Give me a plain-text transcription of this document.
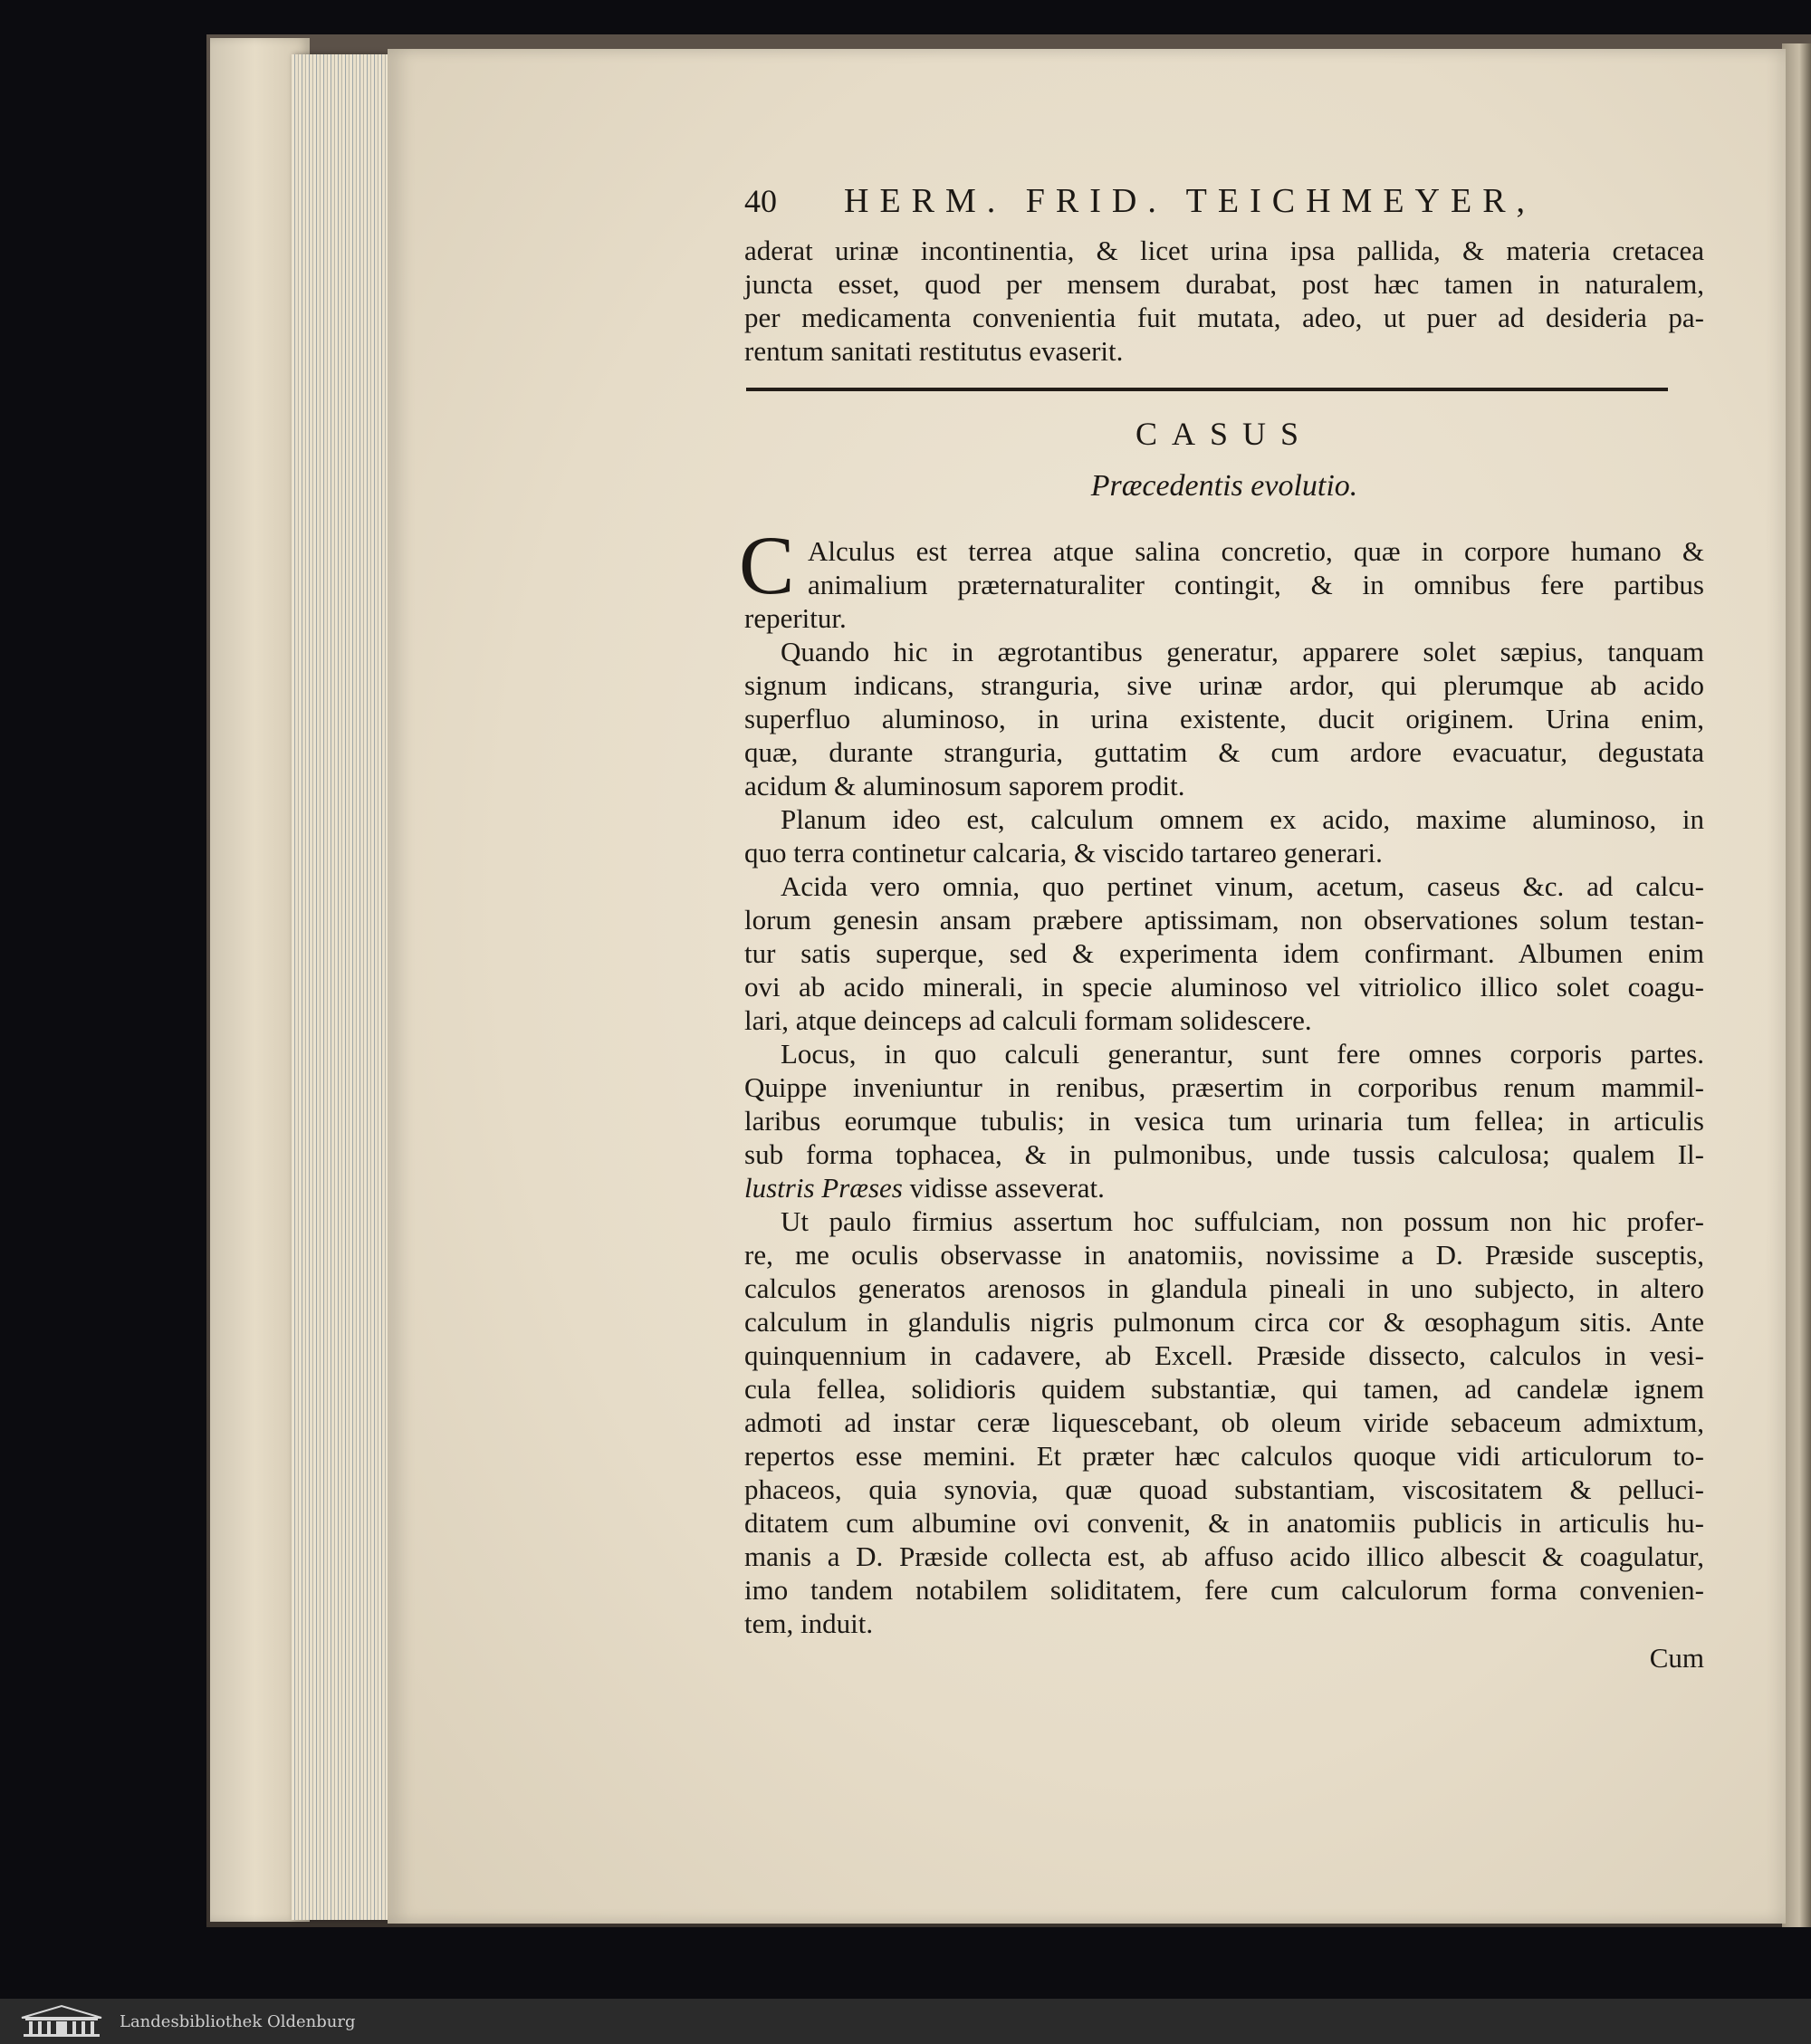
40	HERM. FRID. TEICHMEYER,
aderat urinæ incontinentia, & licet urina ipsa pallida, & materia cretacea
juncta esset, quod per mensem durabat, post hæc tamen in naturalem,
per medicamenta convenientia fuit mutata, adeo, ut puer ad desideria pa-
rentum sanitati restitutus evaserit.
CASUS
Præcedentis evolutio.
C Alculus est terrea atque salina concretio, quæ in corpore humano &
animalium præternaturaliter contingit, & in omnibus fere partibus
reperitur.
Quando hic in ægrotantibus generatur, apparere solet sæpius, tanquam
signum indicans, stranguria, sive urinæ ardor, qui plerumque ab acido
superfluo aluminoso, in urina existente, ducit originem. Urina enim,
quæ, durante stranguria, guttatim & cum ardore evacuatur, degustata
acidum & aluminosum saporem prodit.
Planum ideo est, calculum omnem ex acido, maxime aluminoso, in
quo terra continetur calcaria, & viscido tartareo generari.
Acida vero omnia, quo pertinet vinum, acetum, caseus &c. ad calcu-
lorum genesin ansam præbere aptissimam, non observationes solum testan-
tur satis superque, sed & experimenta idem confirmant. Albumen enim
ovi ab acido minerali, in specie aluminoso vel vitriolico illico solet coagu-
lari, atque deinceps ad calculi formam solidescere.
Locus, in quo calculi generantur, sunt fere omnes corporis partes.
Quippe inveniuntur in renibus, præsertim in corporibus renum mammil-
laribus eorumque tubulis; in vesica tum urinaria tum fellea; in articulis
sub forma tophacea, & in pulmonibus, unde tussis calculosa; qualem Il-
lustris Præses vidisse asseverat.
Ut paulo firmius assertum hoc suffulciam, non possum non hic profer-
re, me oculis observasse in anatomiis, novissime a D. Præside susceptis,
calculos generatos arenosos in glandula pineali in uno subjecto, in altero
calculum in glandulis nigris pulmonum circa cor & œsophagum sitis. Ante
quinquennium in cadavere, ab Excell. Præside dissecto, calculos in vesi-
cula fellea, solidioris quidem substantiæ, qui tamen, ad candelæ ignem
admoti ad instar ceræ liquescebant, ob oleum viride sebaceum admixtum,
repertos esse memini. Et præter hæc calculos quoque vidi articulorum to-
phaceos, quia synovia, quæ quoad substantiam, viscositatem & pelluci-
ditatem cum albumine ovi convenit, & in anatomiis publicis in articulis hu-
manis a D. Præside collecta est, ab affuso acido illico albescit & coagulatur,
imo tandem notabilem soliditatem, fere cum calculorum forma convenien-
tem, induit.
Cum
Landesbibliothek Oldenburg
